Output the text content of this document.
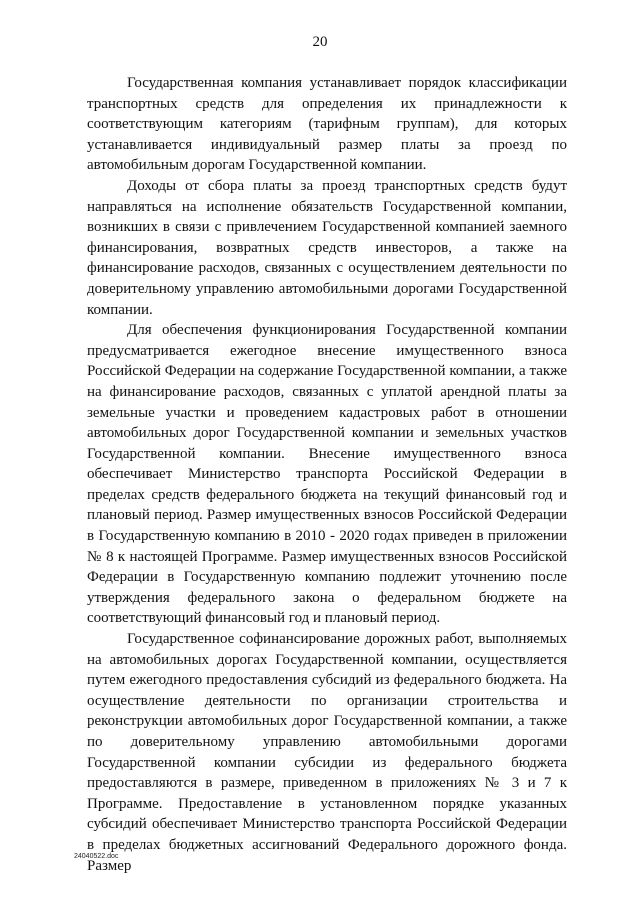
20

Государственная компания устанавливает порядок классификации транспортных средств для определения их принадлежности к соответствующим категориям (тарифным группам), для которых устанавливается индивидуальный размер платы за проезд по автомобильным дорогам Государственной компании.

Доходы от сбора платы за проезд транспортных средств будут направляться на исполнение обязательств Государственной компании, возникших в связи с привлечением Государственной компанией заемного финансирования, возвратных средств инвесторов, а также на финансирование расходов, связанных с осуществлением деятельности по доверительному управлению автомобильными дорогами Государственной компании.

Для обеспечения функционирования Государственной компании предусматривается ежегодное внесение имущественного взноса Российской Федерации на содержание Государственной компании, а также на финансирование расходов, связанных с уплатой арендной платы за земельные участки и проведением кадастровых работ в отношении автомобильных дорог Государственной компании и земельных участков Государственной компании. Внесение имущественного взноса обеспечивает Министерство транспорта Российской Федерации в пределах средств федерального бюджета на текущий финансовый год и плановый период. Размер имущественных взносов Российской Федерации в Государственную компанию в 2010 - 2020 годах приведен в приложении № 8 к настоящей Программе. Размер имущественных взносов Российской Федерации в Государственную компанию подлежит уточнению после утверждения федерального закона о федеральном бюджете на соответствующий финансовый год и плановый период.

Государственное софинансирование дорожных работ, выполняемых на автомобильных дорогах Государственной компании, осуществляется путем ежегодного предоставления субсидий из федерального бюджета. На осуществление деятельности по организации строительства и реконструкции автомобильных дорог Государственной компании, а также по доверительному управлению автомобильными дорогами Государственной компании субсидии из федерального бюджета предоставляются в размере, приведенном в приложениях № 3 и 7 к Программе. Предоставление в установленном порядке указанных субсидий обеспечивает Министерство транспорта Российской Федерации в пределах бюджетных ассигнований Федерального дорожного фонда. Размер

24040522.doc
